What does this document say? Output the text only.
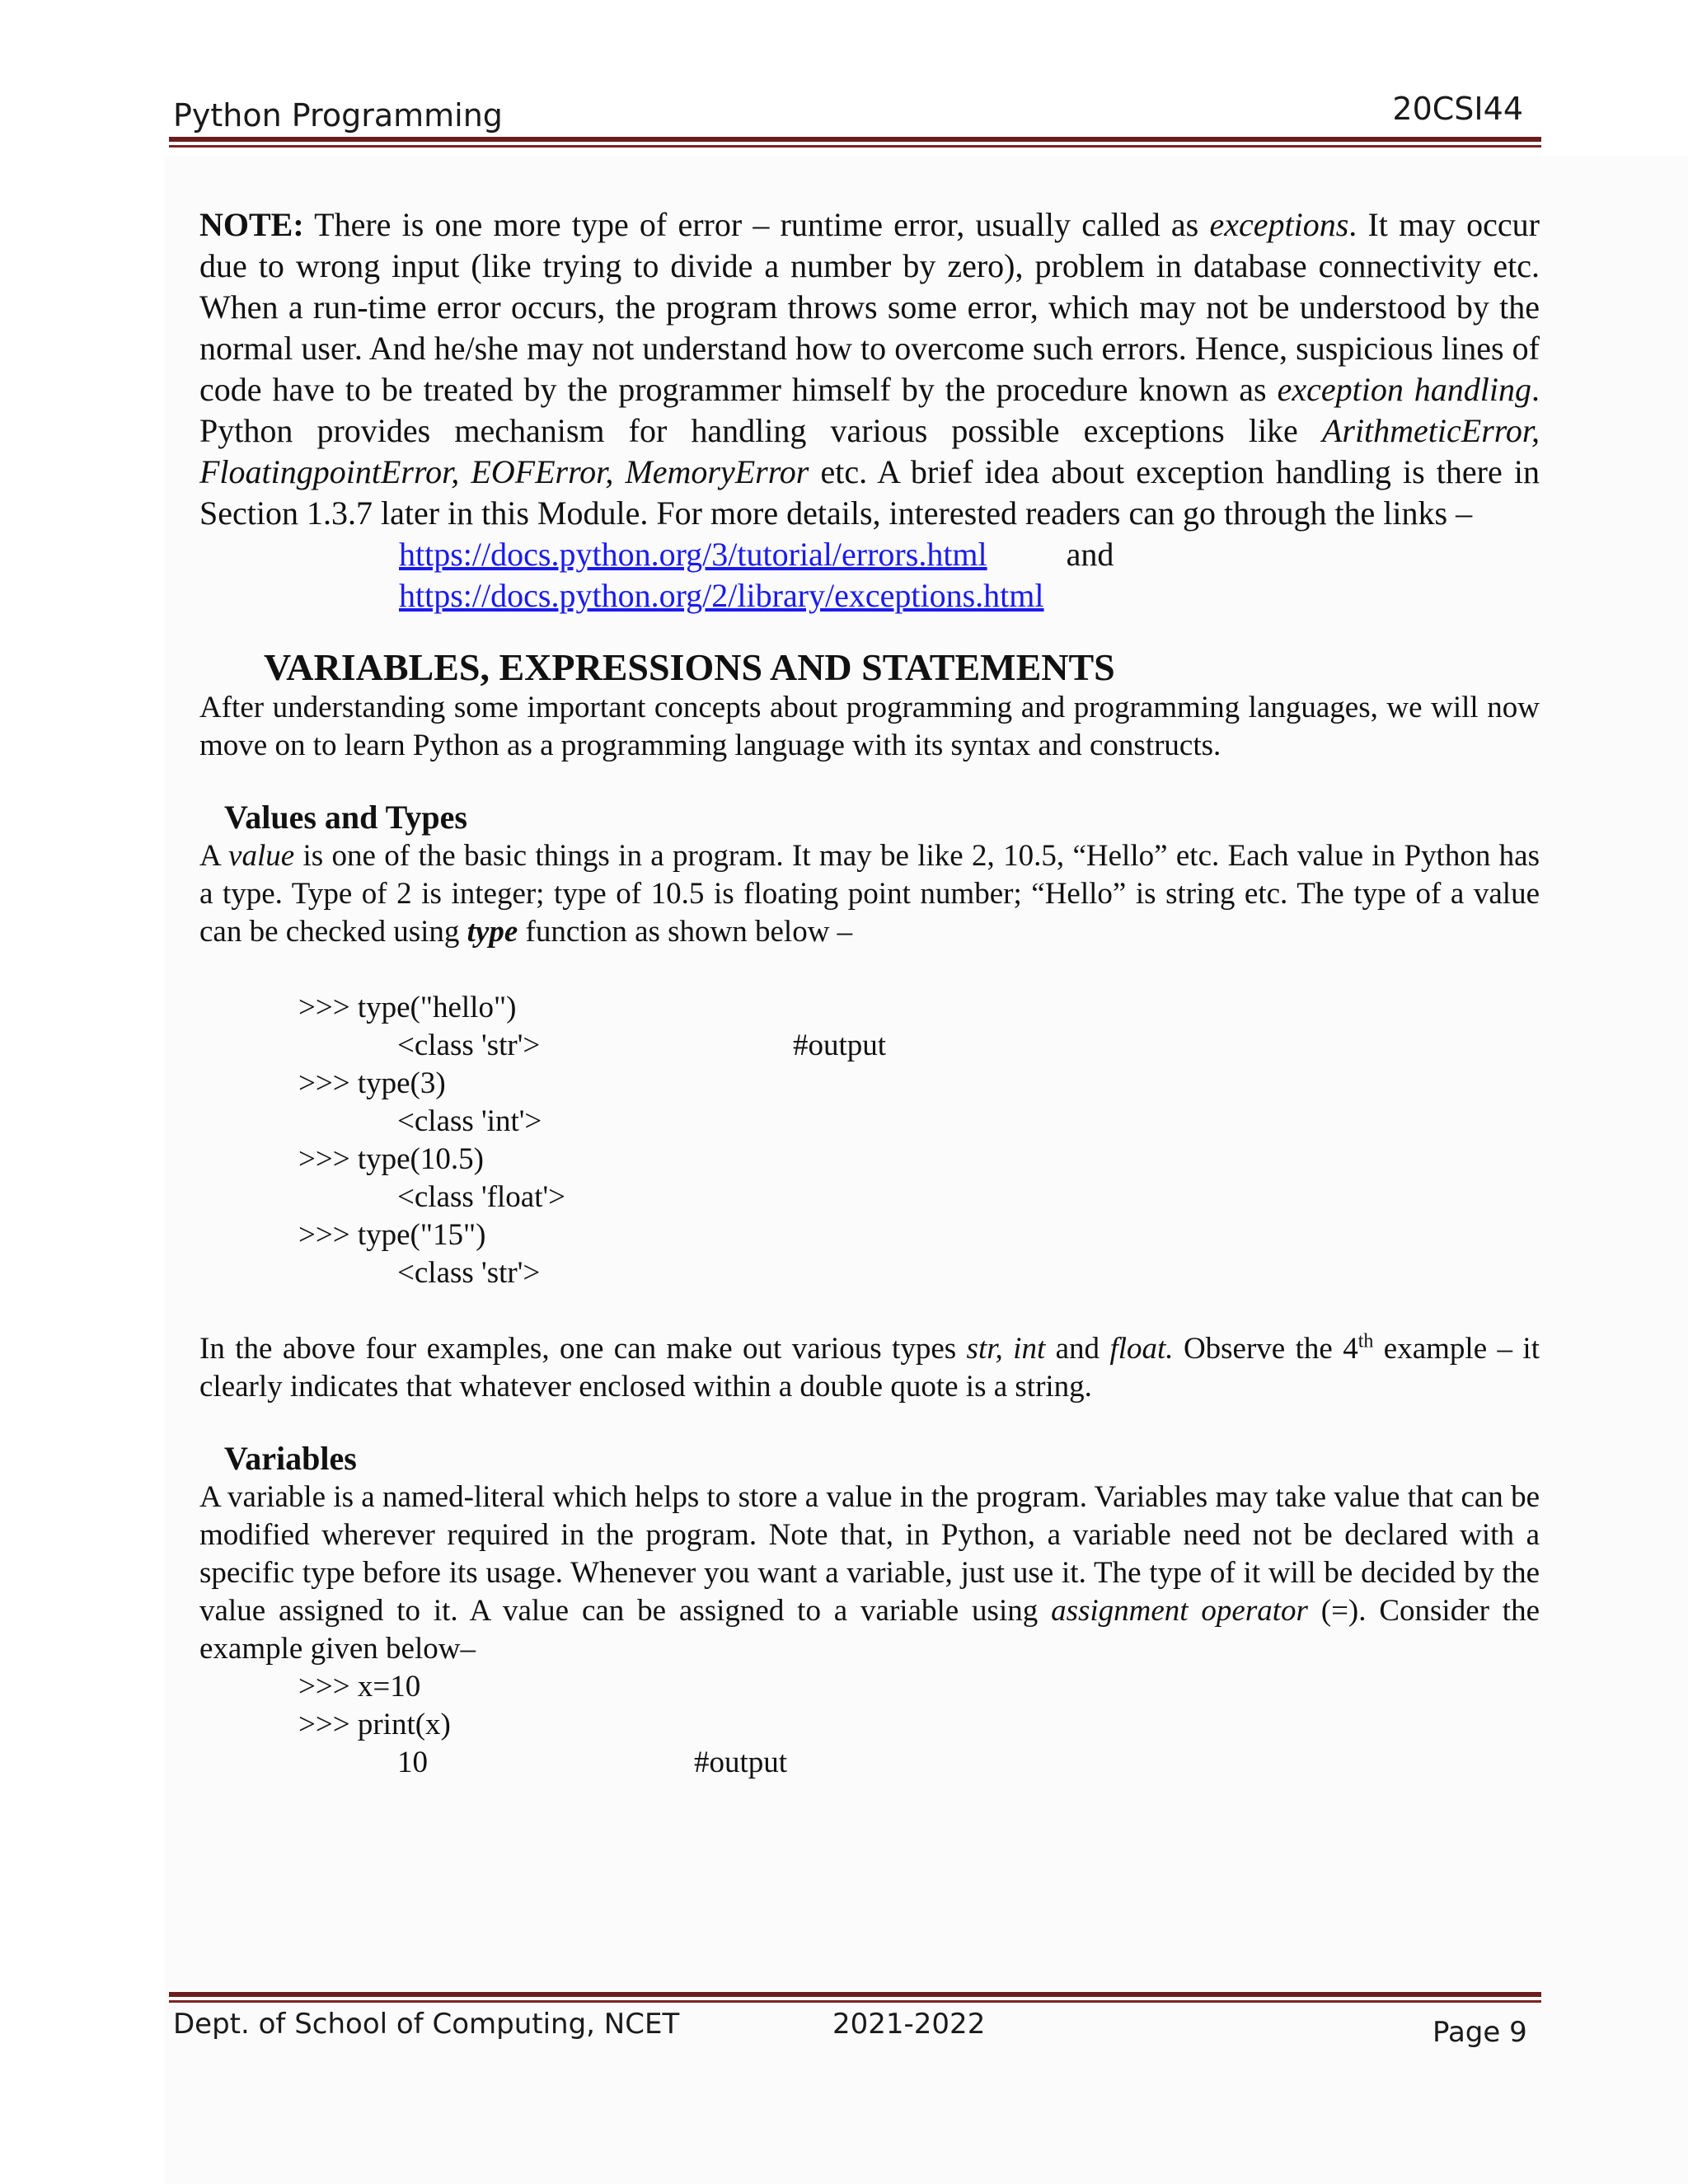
Python Programming	20CSI44

NOTE: There is one more type of error – runtime error, usually called as exceptions. It may occur due to wrong input (like trying to divide a number by zero), problem in database connectivity etc. When a run-time error occurs, the program throws some error, which may not be understood by the normal user. And he/she may not understand how to overcome such errors. Hence, suspicious lines of code have to be treated by the programmer himself by the procedure known as exception handling. Python provides mechanism for handling various possible exceptions like ArithmeticError, FloatingpointError, EOFError, MemoryError etc. A brief idea about exception handling is there in Section 1.3.7 later in this Module. For more details, interested readers can go through the links –

https://docs.python.org/3/tutorial/errors.html and
https://docs.python.org/2/library/exceptions.html
VARIABLES, EXPRESSIONS AND STATEMENTS

After understanding some important concepts about programming and programming languages, we will now move on to learn Python as a programming language with its syntax and constructs.

Values and Types

A value is one of the basic things in a program. It may be like 2, 10.5, “Hello” etc. Each value in Python has a type. Type of 2 is integer; type of 10.5 is floating point number; “Hello” is string etc. The type of a value can be checked using type function as shown below –

>>> type("hello")
<class 'str'>	#output
>>> type(3)
<class 'int'>
>>> type(10.5)
<class 'float'>
>>> type("15")
<class 'str'>

In the above four examples, one can make out various types str, int and float. Observe the 4th example – it clearly indicates that whatever enclosed within a double quote is a string.

Variables

A variable is a named-literal which helps to store a value in the program. Variables may take value that can be modified wherever required in the program. Note that, in Python, a variable need not be declared with a specific type before its usage. Whenever you want a variable, just use it. The type of it will be decided by the value assigned to it. A value can be assigned to a variable using assignment operator (=). Consider the example given below–

>>> x=10
>>> print(x)
10	#output
Dept. of School of Computing, NCET	2021-2022	Page 9
